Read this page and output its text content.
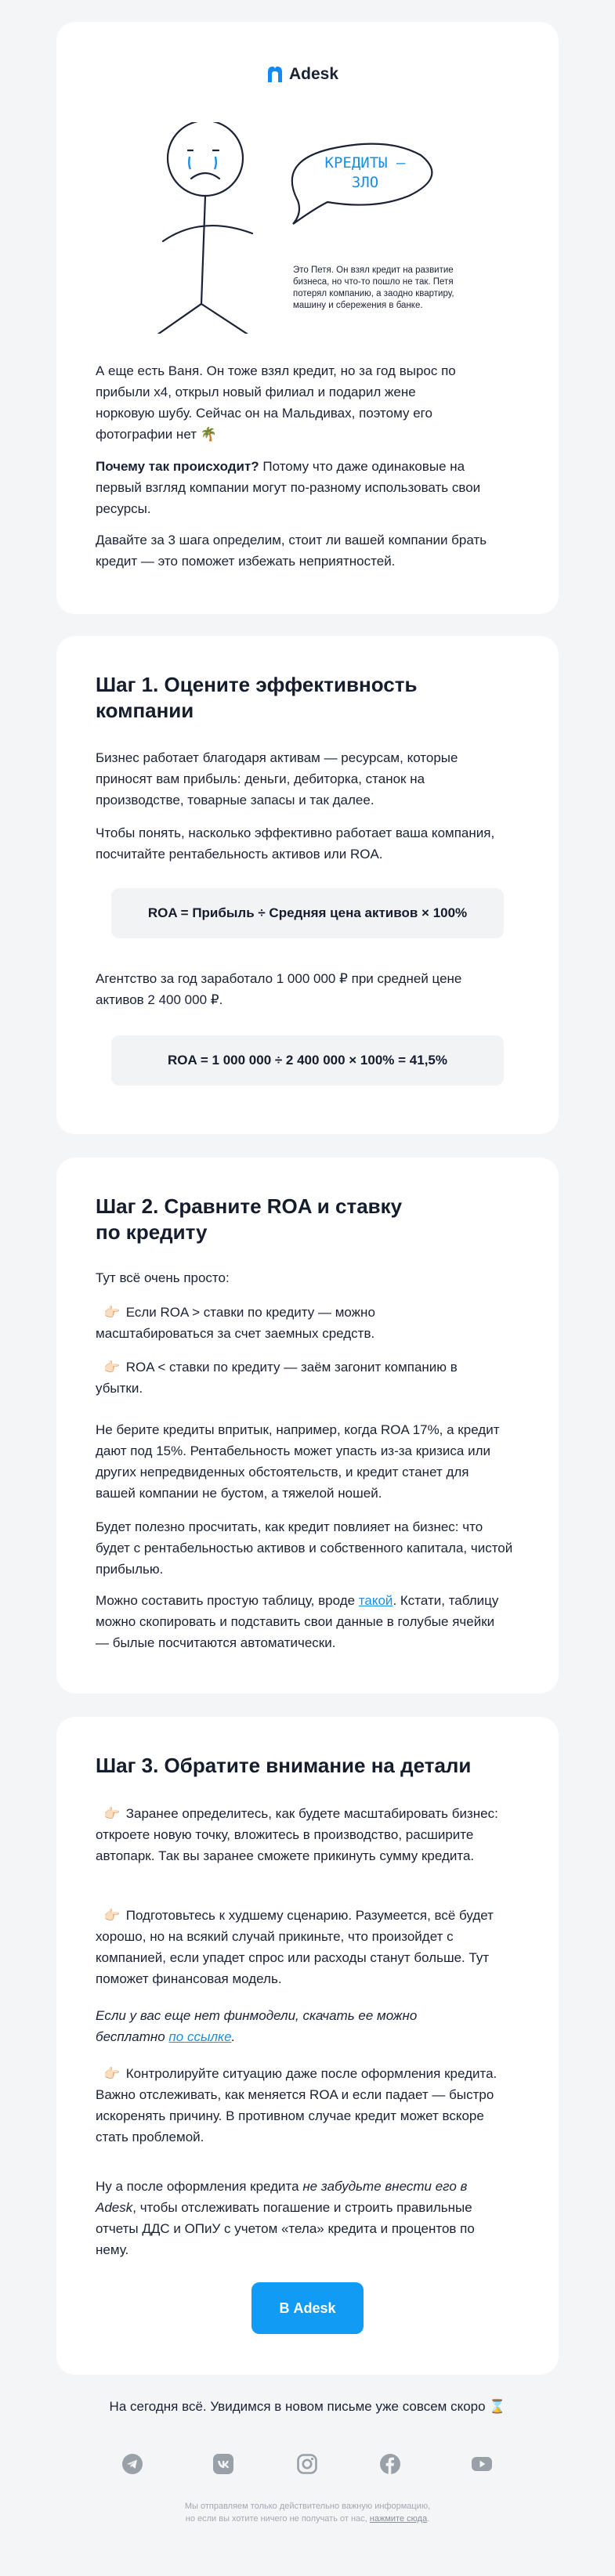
Adesk
КРЕДИТЫ — ЗЛО
Это Петя. Он взял кредит на развитие бизнеса, но что-то пошло не так. Петя потерял компанию, а заодно квартиру, машину и сбережения в банке.

А еще есть Ваня. Он тоже взял кредит, но за год вырос по прибыли х4, открыл новый филиал и подарил жене норковую шубу. Сейчас он на Мальдивах, поэтому его фотографии нет 🌴

Почему так происходит? Потому что даже одинаковые на первый взгляд компании могут по-разному использовать свои ресурсы.

Давайте за 3 шага определим, стоит ли вашей компании брать кредит — это поможет избежать неприятностей.

Шаг 1. Оцените эффективность компании

Бизнес работает благодаря активам — ресурсам, которые приносят вам прибыль: деньги, дебиторка, станок на производстве, товарные запасы и так далее.

Чтобы понять, насколько эффективно работает ваша компания, посчитайте рентабельность активов или ROA.

ROA = Прибыль ÷ Средняя цена активов × 100%

Агентство за год заработало 1 000 000 ₽ при средней цене активов 2 400 000 ₽.

ROA = 1 000 000 ÷ 2 400 000 × 100% = 41,5%
Шаг 2. Сравните ROA и ставку по кредиту

Тут всё очень просто:

👉🏻 Если ROA > ставки по кредиту — можно масштабироваться за счет заемных средств.

👉🏻 ROA < ставки по кредиту — заём загонит компанию в убытки.

Не берите кредиты впритык, например, когда ROA 17%, а кредит дают под 15%. Рентабельность может упасть из-за кризиса или других непредвиденных обстоятельств, и кредит станет для вашей компании не бустом, а тяжелой ношей.

Будет полезно просчитать, как кредит повлияет на бизнес: что будет с рентабельностью активов и собственного капитала, чистой прибылью.

Можно составить простую таблицу, вроде такой. Кстати, таблицу можно скопировать и подставить свои данные в голубые ячейки — былые посчитаются автоматически.

Шаг 3. Обратите внимание на детали

👉🏻 Заранее определитесь, как будете масштабировать бизнес: откроете новую точку, вложитесь в производство, расширите автопарк. Так вы заранее сможете прикинуть сумму кредита.

👉🏻 Подготовьтесь к худшему сценарию. Разумеется, всё будет хорошо, но на всякий случай прикиньте, что произойдет с компанией, если упадет спрос или расходы станут больше. Тут поможет финансовая модель.

Если у вас еще нет финмодели, скачать ее можно бесплатно по ссылке.

👉🏻 Контролируйте ситуацию даже после оформления кредита. Важно отслеживать, как меняется ROA и если падает — быстро искоренять причину. В противном случае кредит может вскоре стать проблемой.

Ну а после оформления кредита не забудьте внести его в Adesk, чтобы отслеживать погашение и строить правильные отчеты ДДС и ОПиУ с учетом «тела» кредита и процентов по нему.

В Adesk
На сегодня всё. Увидимся в новом письме уже совсем скоро ⌛
Мы отправляем только действительно важную информацию,
но если вы хотите ничего не получать от нас, нажмите сюда.
